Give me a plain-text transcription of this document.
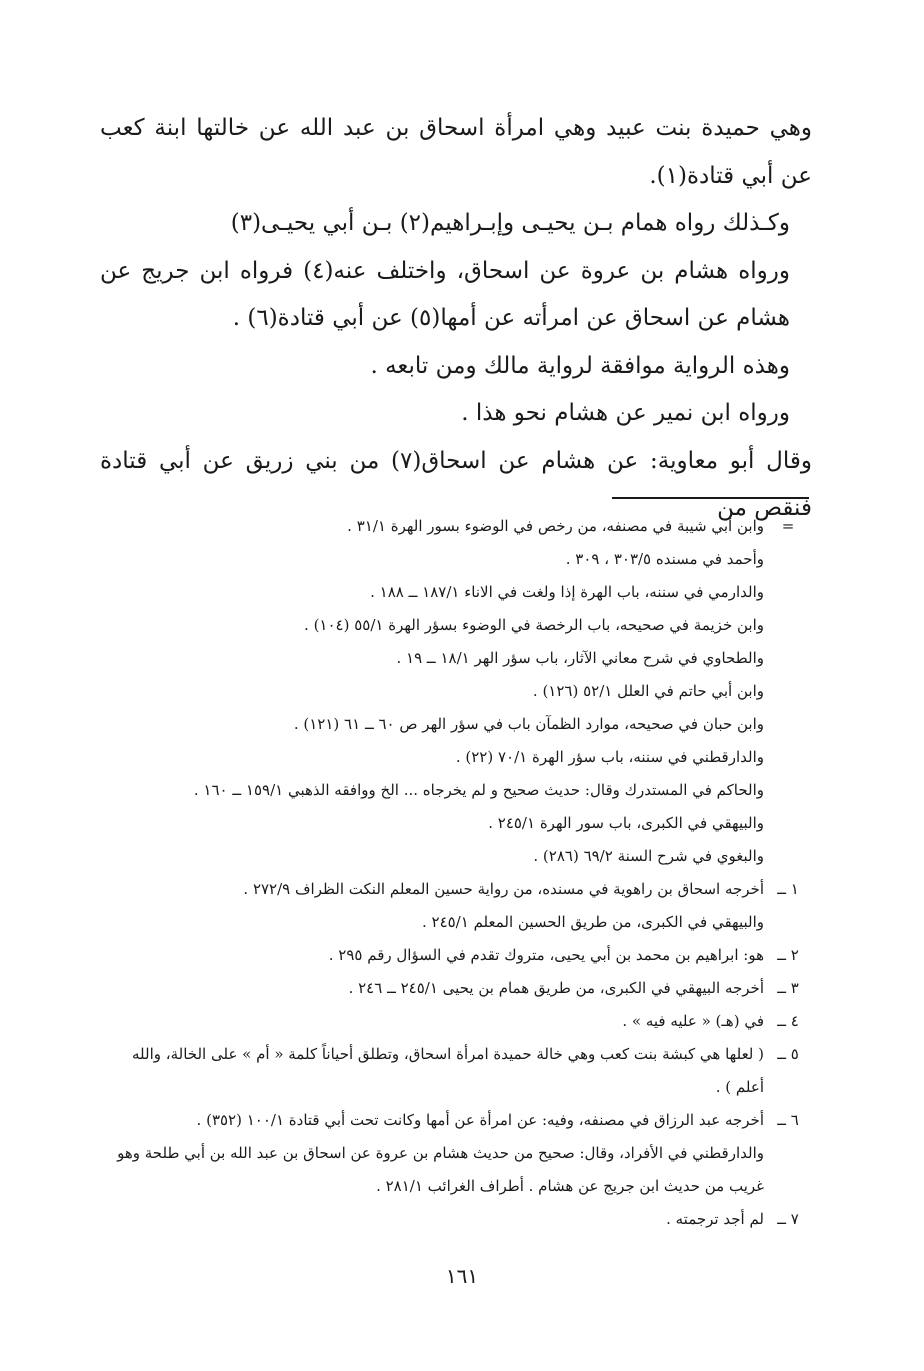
وهي حميدة بنت عبيد وهي امرأة اسحاق بن عبد الله عن خالتها ابنة كعب عن أبي قتادة(١).

وكـذلك رواه همام بـن يحيـى وإبـراهيم(٢) بـن أبي يحيـى(٣)

ورواه هشام بن عروة عن اسحاق، واختلف عنه(٤) فرواه ابن جريج عن هشام عن اسحاق عن امرأته عن أمها(٥) عن أبي قتادة(٦) .

وهذه الرواية موافقة لرواية مالك ومن تابعه .

ورواه ابن نمير عن هشام نحو هذا .

وقال أبو معاوية: عن هشام عن اسحاق(٧) من بني زريق عن أبي قتادة فنقص من

=
وابن أبي شيبة في مصنفه، من رخص في الوضوء بسور الهرة ٣١/١ .
وأحمد في مسنده ٣٠٣/٥ ، ٣٠٩ .
والدارمي في سننه، باب الهرة إذا ولغت في الاناء ١٨٧/١ ــ ١٨٨ .
وابن خزيمة في صحيحه، باب الرخصة في الوضوء بسؤر الهرة ٥٥/١ (١٠٤) .
والطحاوي في شرح معاني الآثار، باب سؤر الهر ١٨/١ ــ ١٩ .
وابن أبي حاتم في العلل ٥٢/١ (١٢٦) .
وابن حبان في صحيحه، موارد الظمآن باب في سؤر الهر ص ٦٠ ــ ٦١ (١٢١) .
والدارقطني في سننه، باب سؤر الهرة ٧٠/١ (٢٢) .
والحاكم في المستدرك وقال: حديث صحيح و لم يخرجاه ... الخ ووافقه الذهبي ١٥٩/١ ــ ١٦٠ .
والبيهقي في الكبرى، باب سور الهرة ٢٤٥/١ .
والبغوي في شرح السنة ٦٩/٢ (٢٨٦) .
١ ــ
أخرجه اسحاق بن راهوية في مسنده، من رواية حسين المعلم النكت الظراف ٢٧٢/٩ .
والبيهقي في الكبرى، من طريق الحسين المعلم ٢٤٥/١ .
٢ ــ
هو: ابراهيم بن محمد بن أبي يحيى، متروك تقدم في السؤال رقم ٢٩٥ .
٣ ــ
أخرجه البيهقي في الكبرى، من طريق همام بن يحيى ٢٤٥/١ ــ ٢٤٦ .
٤ ــ
في (هـ) « عليه فيه » .
٥ ــ
( لعلها هي كبشة بنت كعب وهي خالة حميدة امرأة اسحاق، وتطلق أحياناً كلمة « أم » على الخالة، والله أعلم ) .
٦ ــ
أخرجه عبد الرزاق في مصنفه، وفيه: عن امرأة عن أمها وكانت تحت أبي قتادة ١٠٠/١ (٣٥٢) .
والدارقطني في الأفراد، وقال: صحيح من حديث هشام بن عروة عن اسحاق بن عبد الله بن أبي طلحة وهو غريب من حديث ابن جريج عن هشام . أطراف الغرائب ٢٨١/١ .
٧ ــ
لم أجد ترجمته .
١٦١
